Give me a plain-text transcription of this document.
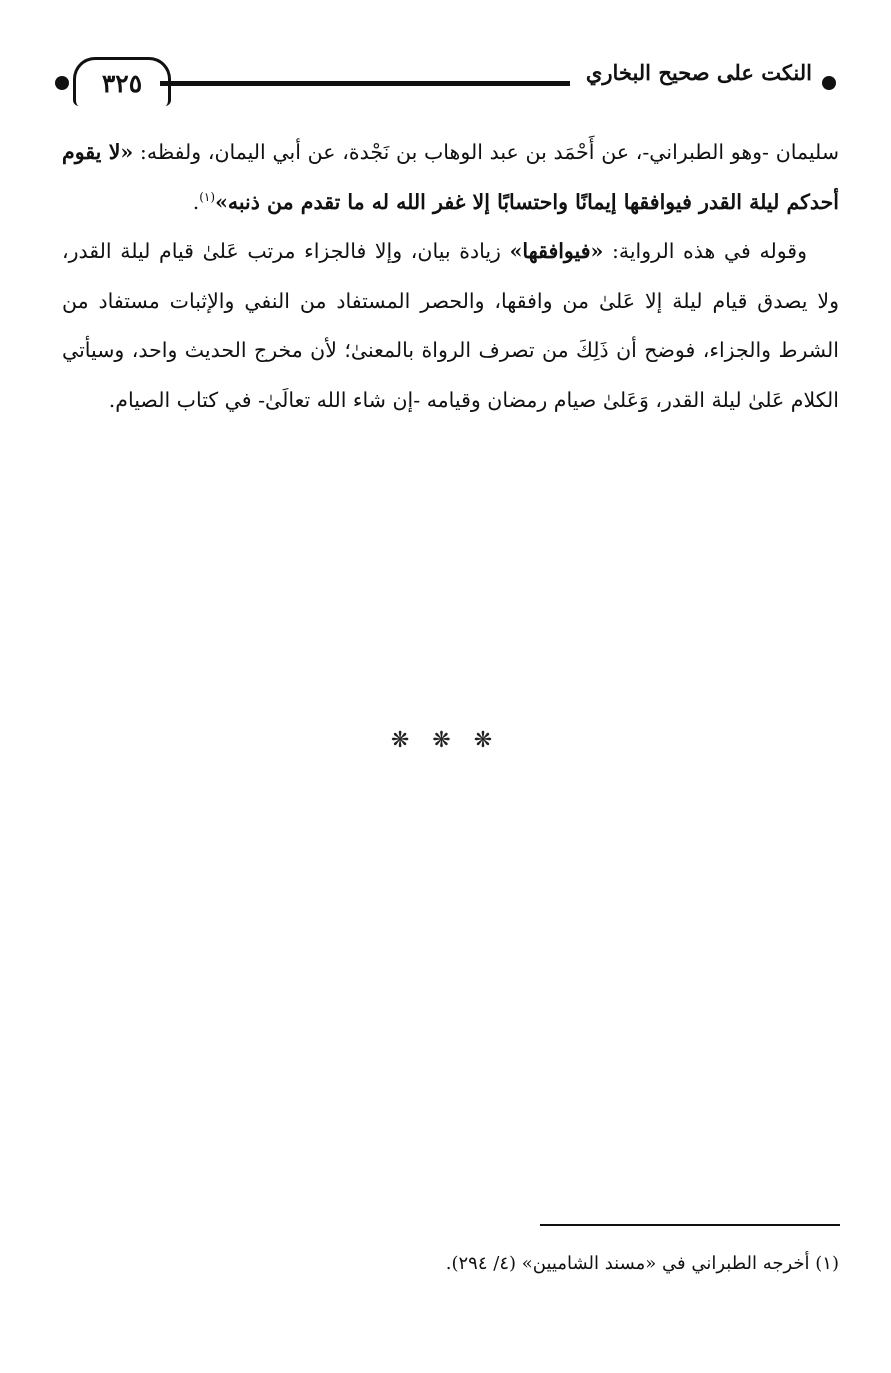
٣٢٥	النكت على صحيح البخاري

سليمان -وهو الطبراني-، عن أَحْمَد بن عبد الوهاب بن نَجْدة، عن أبي اليمان، ولفظه: «لا يقوم أحدكم ليلة القدر فيوافقها إيمانًا واحتسابًا إلا غفر الله له ما تقدم من ذنبه»$^{(١)}$.

وقوله في هذه الرواية: «فيوافقها» زيادة بيان، وإلا فالجزاء مرتب عَلىٰ قيام ليلة القدر، ولا يصدق قيام ليلة إلا عَلىٰ من وافقها، والحصر المستفاد من النفي والإثبات مستفاد من الشرط والجزاء، فوضح أن ذَلِكَ من تصرف الرواة بالمعنىٰ؛ لأن مخرج الحديث واحد، وسيأتي الكلام عَلىٰ ليلة القدر، وَعَلىٰ صيام رمضان وقيامه -إن شاء الله تعالَىٰ- في كتاب الصيام.

❋ ❋ ❋
(١) أخرجه الطبراني في «مسند الشاميين» (٤/ ٢٩٤).
